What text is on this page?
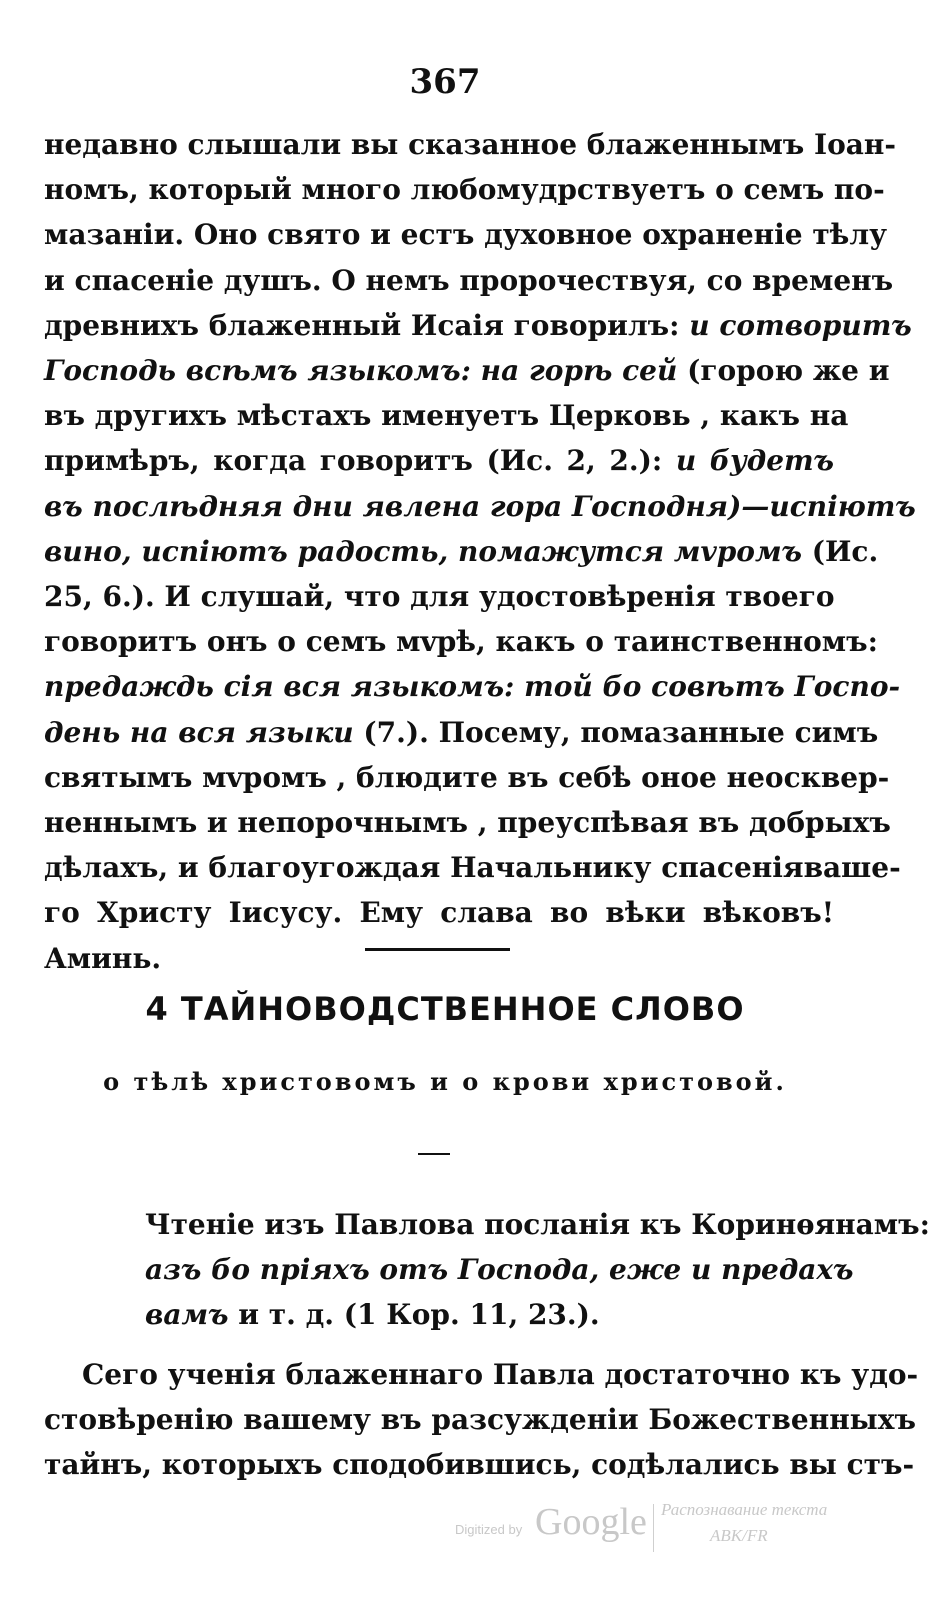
367
недавно слышали вы сказанное блаженнымъ Іоан-
номъ, который много любомудрствуетъ о семъ по-
мазаніи. Оно свято и естъ духовное охраненіе тѣлу
и спасеніе душъ. О немъ пророчествуя, со временъ
древнихъ блаженный Исаія говорилъ: и сотворитъ
Господь всѣмъ языкомъ: на горѣ сей (горою же и
въ другихъ мѣстахъ именуетъ Церковь , какъ на
примѣръ, когда говоритъ (Ис. 2, 2.): и будетъ
въ послѣдняя дни явлена гора Господня)—испіютъ
вино, испіютъ радость, помажутся мvромъ (Ис.
25, 6.). И слушай, что для удостовѣренія твоего
говоритъ онъ о семъ мvрѣ, какъ о таинственномъ:
предаждь сія вся языкомъ: той бо совѣтъ Госпо-
день на вся языки (7.). Посему, помазанные симъ
святымъ мvромъ , блюдите въ себѣ оное неосквер-
неннымъ и непорочнымъ , преуспѣвая въ добрыхъ
дѣлахъ, и благоугождая Начальнику спасеніяваше-
го Христу Іисусу. Ему слава во вѣки вѣковъ!
Аминь.
4 ТАЙНОВОДСТВЕННОЕ СЛОВО
о тѣлѣ христовомъ и о крови христовой.
Чтеніе изъ Павлова посланія къ Коринѳянамъ:
азъ бо пріяхъ отъ Господа, еже и предахъ
вамъ и т. д. (1 Кор. 11, 23.).
Сего ученія блаженнаго Павла достаточно къ удо-
стовѣренію вашему въ разсужденіи Божественныхъ
тайнъ, которыхъ сподобившись, содѣлались вы стъ-
Digitized by Google Распознавание текста
ABK/FR
